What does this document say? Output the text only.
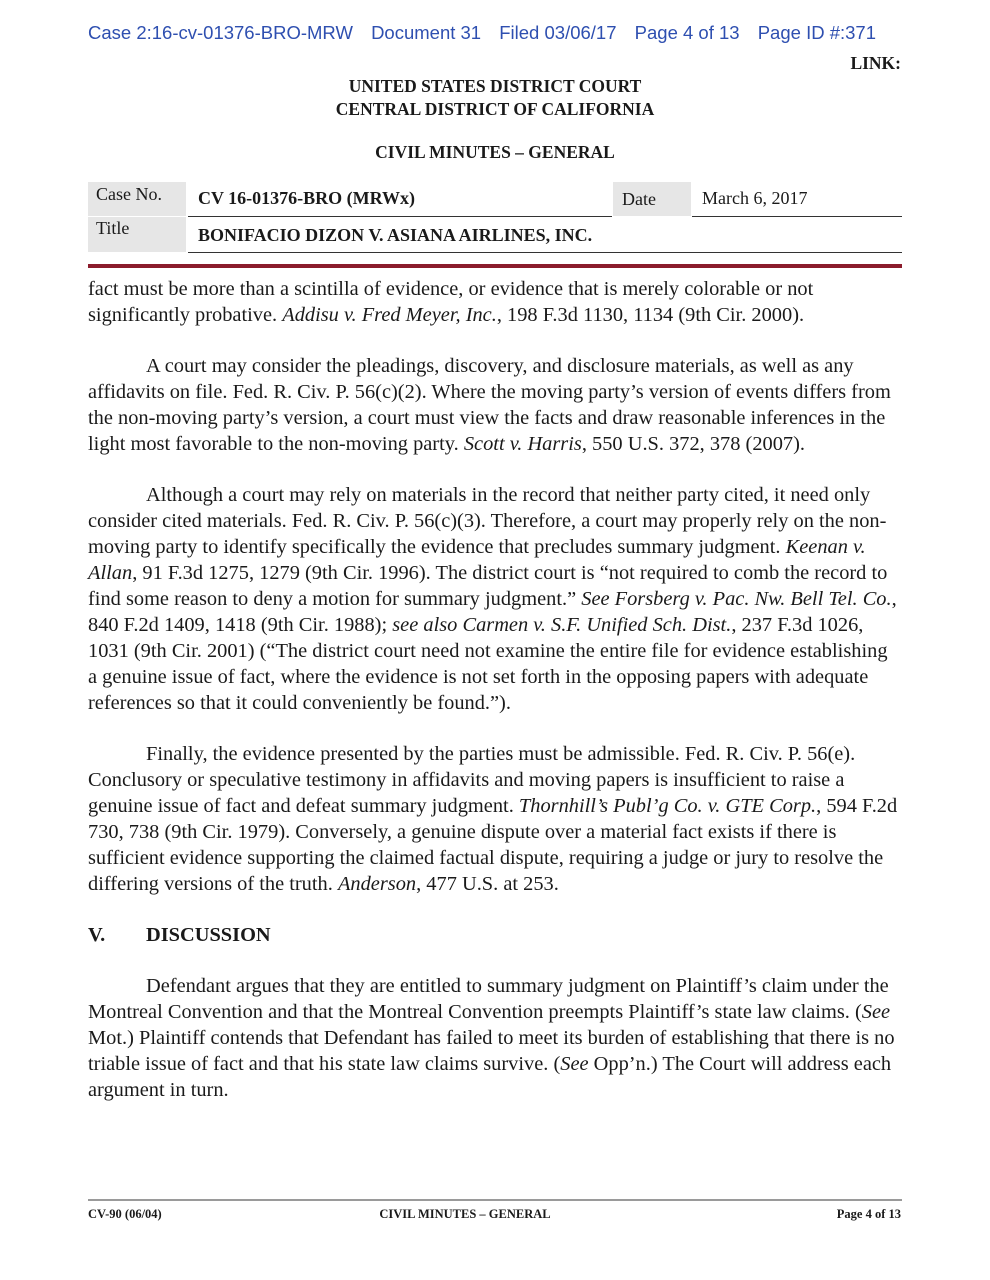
Case 2:16-cv-01376-BRO-MRW Document 31 Filed 03/06/17 Page 4 of 13 Page ID #:371
LINK:
UNITED STATES DISTRICT COURT
CENTRAL DISTRICT OF CALIFORNIA
CIVIL MINUTES – GENERAL
Case No. CV 16-01376-BRO (MRWx)	Date	March 6, 2017
Title	BONIFACIO DIZON V. ASIANA AIRLINES, INC.

fact must be more than a scintilla of evidence, or evidence that is merely colorable or not significantly probative. Addisu v. Fred Meyer, Inc., 198 F.3d 1130, 1134 (9th Cir. 2000).

A court may consider the pleadings, discovery, and disclosure materials, as well as any affidavits on file. Fed. R. Civ. P. 56(c)(2). Where the moving party’s version of events differs from the non-moving party’s version, a court must view the facts and draw reasonable inferences in the light most favorable to the non-moving party. Scott v. Harris, 550 U.S. 372, 378 (2007).

Although a court may rely on materials in the record that neither party cited, it need only consider cited materials. Fed. R. Civ. P. 56(c)(3). Therefore, a court may properly rely on the non-moving party to identify specifically the evidence that precludes summary judgment. Keenan v. Allan, 91 F.3d 1275, 1279 (9th Cir. 1996). The district court is “not required to comb the record to find some reason to deny a motion for summary judgment.” See Forsberg v. Pac. Nw. Bell Tel. Co., 840 F.2d 1409, 1418 (9th Cir. 1988); see also Carmen v. S.F. Unified Sch. Dist., 237 F.3d 1026, 1031 (9th Cir. 2001) (“The district court need not examine the entire file for evidence establishing a genuine issue of fact, where the evidence is not set forth in the opposing papers with adequate references so that it could conveniently be found.”).

Finally, the evidence presented by the parties must be admissible. Fed. R. Civ. P. 56(e). Conclusory or speculative testimony in affidavits and moving papers is insufficient to raise a genuine issue of fact and defeat summary judgment. Thornhill’s Publ’g Co. v. GTE Corp., 594 F.2d 730, 738 (9th Cir. 1979). Conversely, a genuine dispute over a material fact exists if there is sufficient evidence supporting the claimed factual dispute, requiring a judge or jury to resolve the differing versions of the truth. Anderson, 477 U.S. at 253.

V. DISCUSSION

Defendant argues that they are entitled to summary judgment on Plaintiff’s claim under the Montreal Convention and that the Montreal Convention preempts Plaintiff’s state law claims. (See Mot.) Plaintiff contends that Defendant has failed to meet its burden of establishing that there is no triable issue of fact and that his state law claims survive. (See Opp’n.) The Court will address each argument in turn.

CV-90 (06/04)	CIVIL MINUTES – GENERAL	Page 4 of 13
